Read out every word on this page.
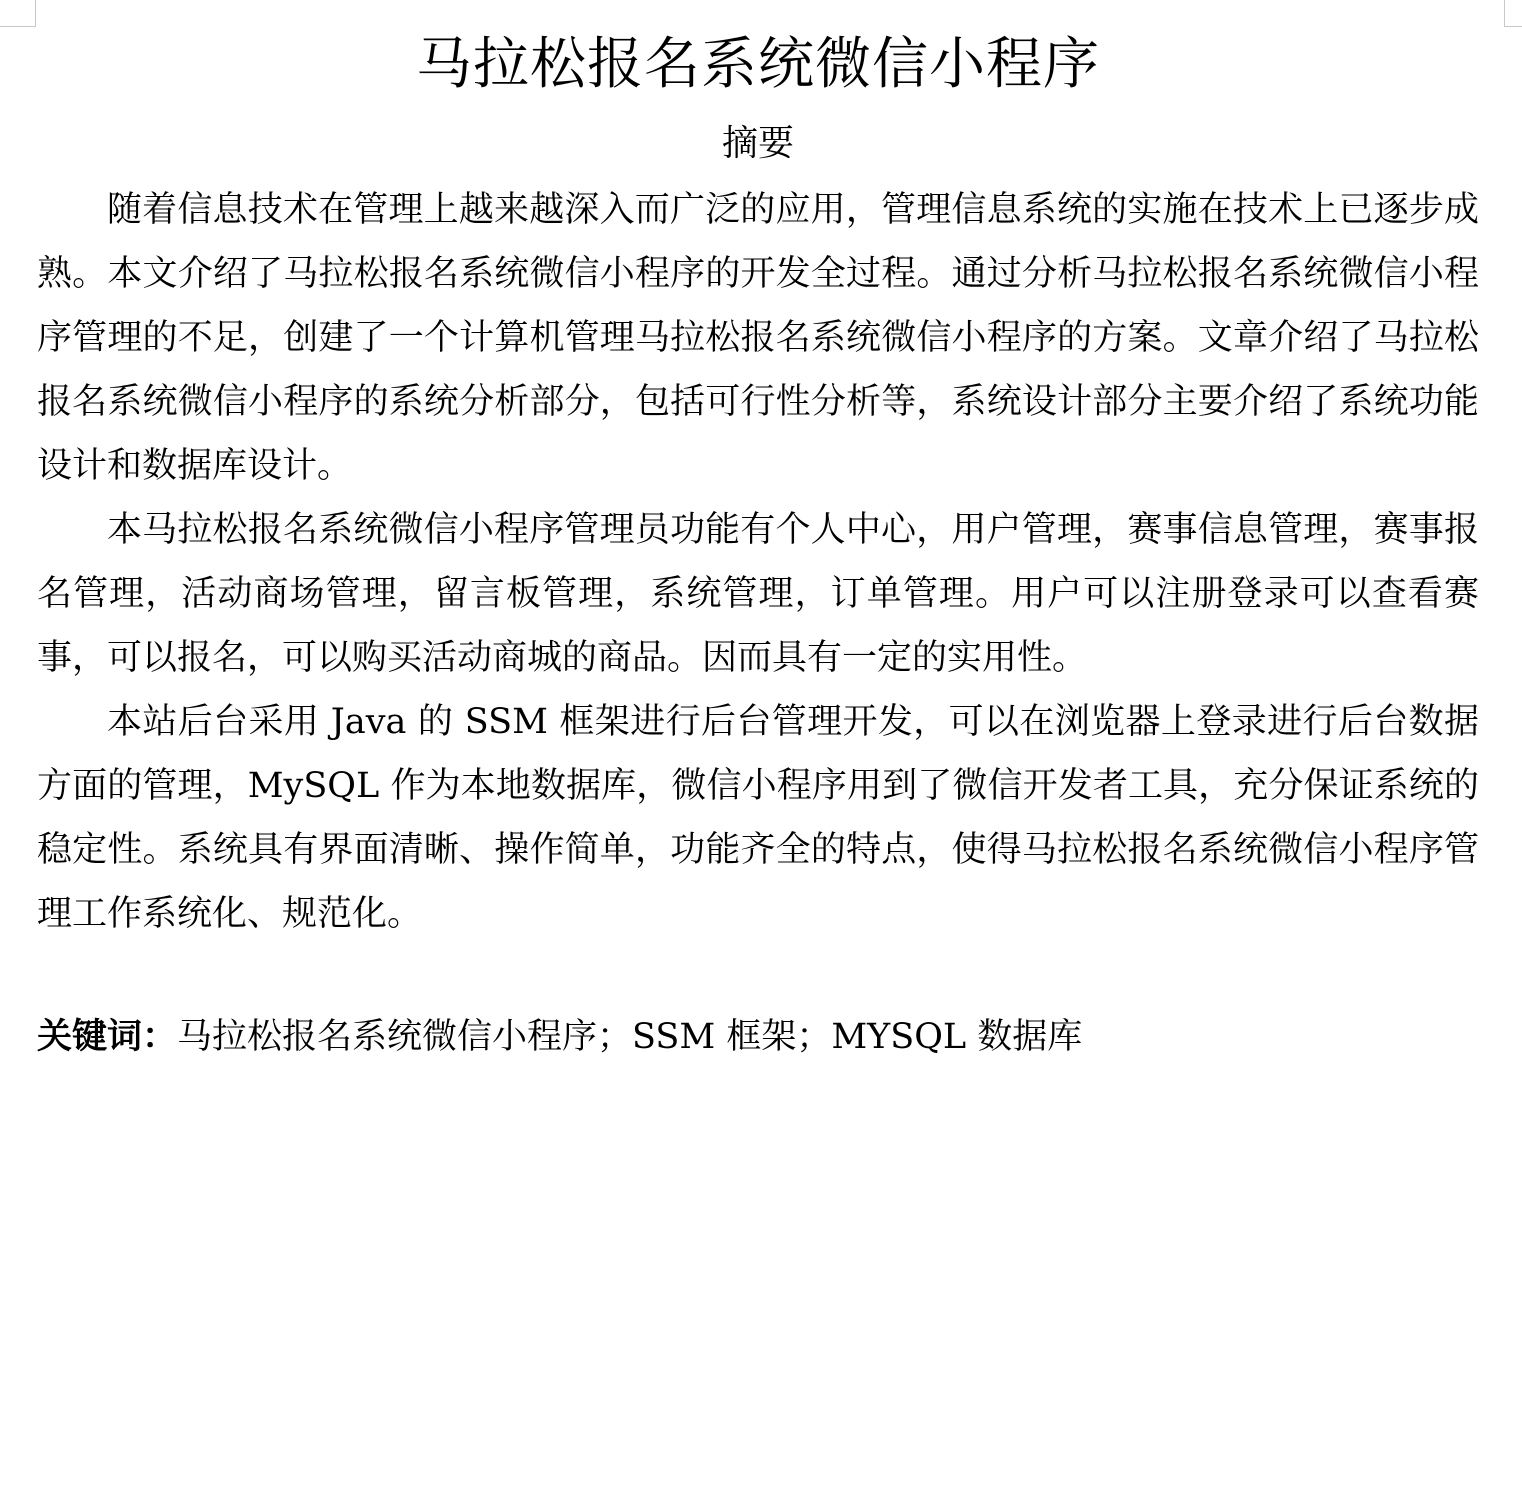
马拉松报名系统微信小程序
摘要

随着信息技术在管理上越来越深入而广泛的应用，管理信息系统的实施在技术上已逐步成熟。本文介绍了马拉松报名系统微信小程序的开发全过程。通过分析马拉松报名系统微信小程序管理的不足，创建了一个计算机管理马拉松报名系统微信小程序的方案。文章介绍了马拉松报名系统微信小程序的系统分析部分，包括可行性分析等，系统设计部分主要介绍了系统功能设计和数据库设计。

本马拉松报名系统微信小程序管理员功能有个人中心，用户管理，赛事信息管理，赛事报名管理，活动商场管理，留言板管理，系统管理，订单管理。用户可以注册登录可以查看赛事，可以报名，可以购买活动商城的商品。因而具有一定的实用性。

本站后台采用 Java 的 SSM 框架进行后台管理开发，可以在浏览器上登录进行后台数据方面的管理，MySQL 作为本地数据库，微信小程序用到了微信开发者工具，充分保证系统的稳定性。系统具有界面清晰、操作简单，功能齐全的特点，使得马拉松报名系统微信小程序管理工作系统化、规范化。

关键词：马拉松报名系统微信小程序；SSM 框架；MYSQL 数据库
